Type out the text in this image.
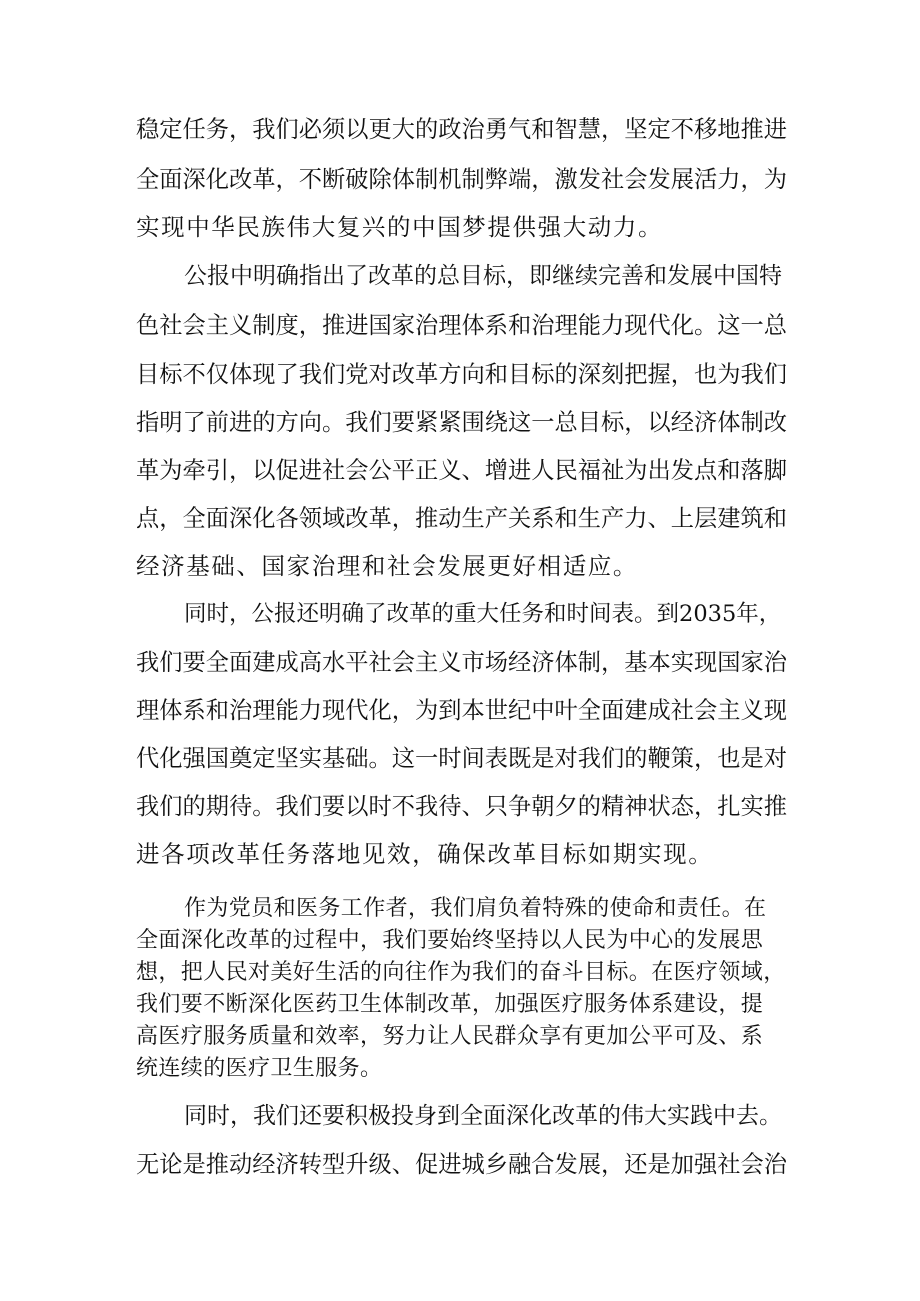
稳定任务，我们必须以更大的政治勇气和智慧，坚定不移地推进
全面深化改革，不断破除体制机制弊端，激发社会发展活力，为
实现中华民族伟大复兴的中国梦提供强大动力。
公报中明确指出了改革的总目标，即继续完善和发展中国特
色社会主义制度，推进国家治理体系和治理能力现代化。这一总
目标不仅体现了我们党对改革方向和目标的深刻把握，也为我们
指明了前进的方向。我们要紧紧围绕这一总目标，以经济体制改
革为牵引，以促进社会公平正义、增进人民福祉为出发点和落脚
点，全面深化各领域改革，推动生产关系和生产力、上层建筑和
经济基础、国家治理和社会发展更好相适应。
同时，公报还明确了改革的重大任务和时间表。到2035年，
我们要全面建成高水平社会主义市场经济体制，基本实现国家治
理体系和治理能力现代化，为到本世纪中叶全面建成社会主义现
代化强国奠定坚实基础。这一时间表既是对我们的鞭策，也是对
我们的期待。我们要以时不我待、只争朝夕的精神状态，扎实推
进各项改革任务落地见效，确保改革目标如期实现。
作为党员和医务工作者，我们肩负着特殊的使命和责任。在
全面深化改革的过程中，我们要始终坚持以人民为中心的发展思
想，把人民对美好生活的向往作为我们的奋斗目标。在医疗领域，
我们要不断深化医药卫生体制改革，加强医疗服务体系建设，提
高医疗服务质量和效率，努力让人民群众享有更加公平可及、系
统连续的医疗卫生服务。
同时，我们还要积极投身到全面深化改革的伟大实践中去。
无论是推动经济转型升级、促进城乡融合发展，还是加强社会治
